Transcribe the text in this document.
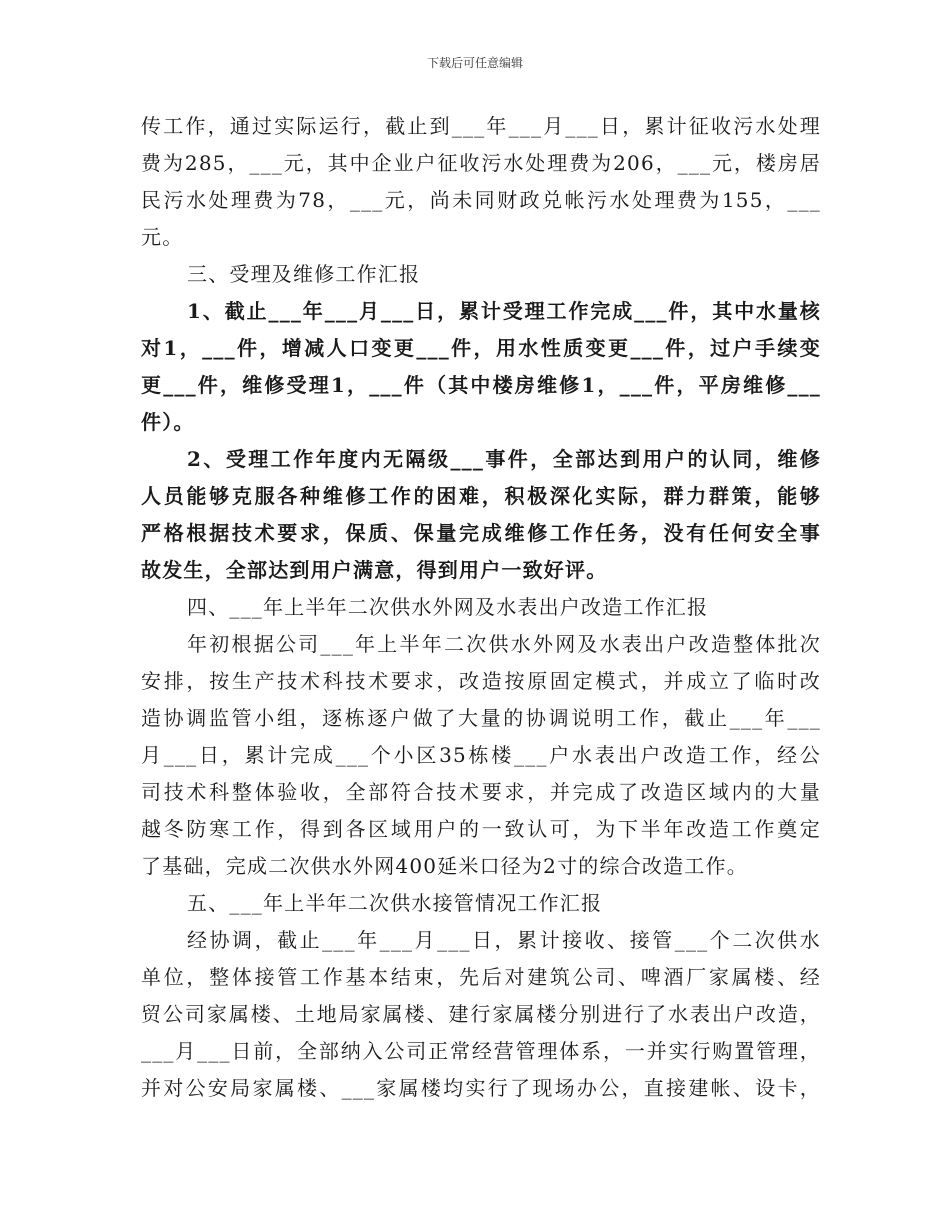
下载后可任意编辑
传工作，通过实际运行，截止到___年___月___日，累计征收污水处理
费为285，___元，其中企业户征收污水处理费为206，___元，楼房居
民污水处理费为78，___元，尚未同财政兑帐污水处理费为155，___
元。
三、受理及维修工作汇报
1、截止___年___月___日，累计受理工作完成___件，其中水量核
对1，___件，增减人口变更___件，用水性质变更___件，过户手续变
更___件，维修受理1，___件（其中楼房维修1，___件，平房维修___
件）。
2、受理工作年度内无隔级___事件，全部达到用户的认同，维修
人员能够克服各种维修工作的困难，积极深化实际，群力群策，能够
严格根据技术要求，保质、保量完成维修工作任务，没有任何安全事
故发生，全部达到用户满意，得到用户一致好评。
四、___年上半年二次供水外网及水表出户改造工作汇报
年初根据公司___年上半年二次供水外网及水表出户改造整体批次
安排，按生产技术科技术要求，改造按原固定模式，并成立了临时改
造协调监管小组，逐栋逐户做了大量的协调说明工作，截止___年___
月___日，累计完成___个小区35栋楼___户水表出户改造工作，经公
司技术科整体验收，全部符合技术要求，并完成了改造区域内的大量
越冬防寒工作，得到各区域用户的一致认可，为下半年改造工作奠定
了基础，完成二次供水外网400延米口径为2寸的综合改造工作。
五、___年上半年二次供水接管情况工作汇报
经协调，截止___年___月___日，累计接收、接管___个二次供水
单位，整体接管工作基本结束，先后对建筑公司、啤酒厂家属楼、经
贸公司家属楼、土地局家属楼、建行家属楼分别进行了水表出户改造，
___月___日前，全部纳入公司正常经营管理体系，一并实行购置管理，
并对公安局家属楼、___家属楼均实行了现场办公，直接建帐、设卡，
